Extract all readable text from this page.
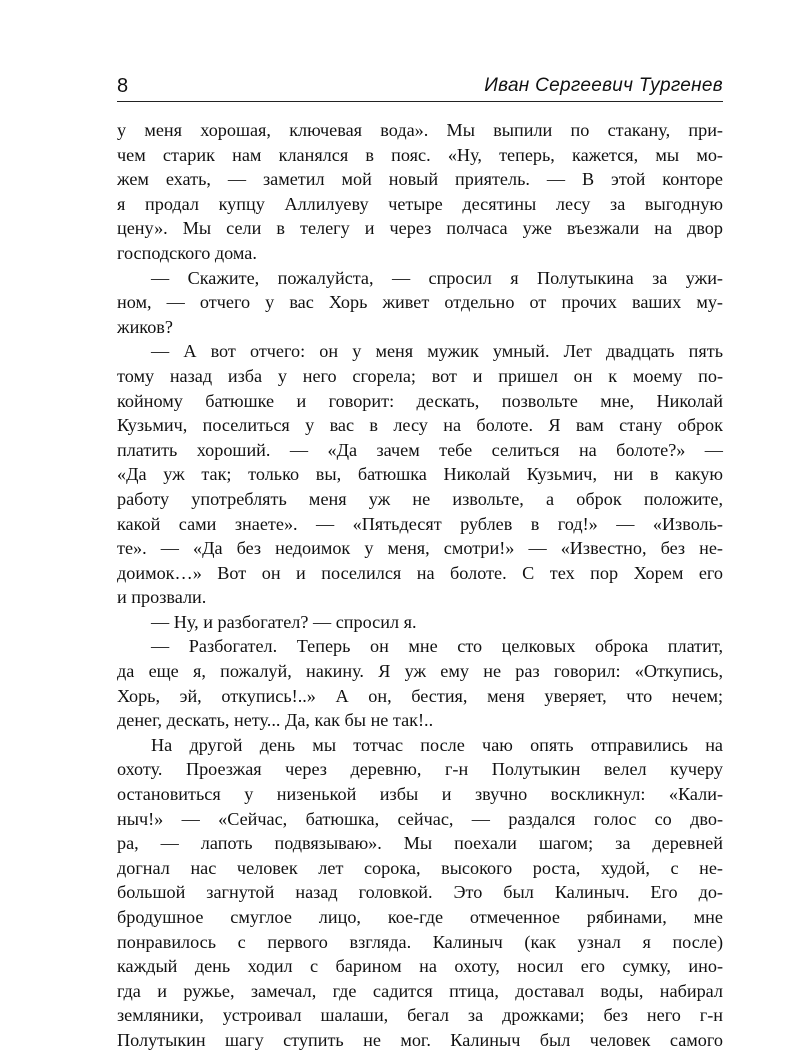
8	Иван Сергеевич Тургенев
у меня хорошая, ключевая вода». Мы выпили по стакану, при-
чем старик нам кланялся в пояс. «Ну, теперь, кажется, мы мо-
жем ехать, — заметил мой новый приятель. — В этой конторе
я продал купцу Аллилуеву четыре десятины лесу за выгодную
цену». Мы сели в телегу и через полчаса уже въезжали на двор
господского дома.
— Скажите, пожалуйста, — спросил я Полутыкина за ужи-
ном, — отчего у вас Хорь живет отдельно от прочих ваших му-
жиков?
— А вот отчего: он у меня мужик умный. Лет двадцать пять
тому назад изба у него сгорела; вот и пришел он к моему по-
койному батюшке и говорит: дескать, позвольте мне, Николай
Кузьмич, поселиться у вас в лесу на болоте. Я вам стану оброк
платить хороший. — «Да зачем тебе селиться на болоте?» —
«Да уж так; только вы, батюшка Николай Кузьмич, ни в какую
работу употреблять меня уж не извольте, а оброк положите,
какой сами знаете». — «Пятьдесят рублев в год!» — «Изволь-
те». — «Да без недоимок у меня, смотри!» — «Известно, без не-
доимок…» Вот он и поселился на болоте. С тех пор Хорем его
и прозвали.
— Ну, и разбогател? — спросил я.
— Разбогател. Теперь он мне сто целковых оброка платит,
да еще я, пожалуй, накину. Я уж ему не раз говорил: «Откупись,
Хорь, эй, откупись!..» А он, бестия, меня уверяет, что нечем;
денег, дескать, нету... Да, как бы не так!..
На другой день мы тотчас после чаю опять отправились на
охоту. Проезжая через деревню, г-н Полутыкин велел кучеру
остановиться у низенькой избы и звучно воскликнул: «Кали-
ныч!» — «Сейчас, батюшка, сейчас, — раздался голос со дво-
ра, — лапоть подвязываю». Мы поехали шагом; за деревней
догнал нас человек лет сорока, высокого роста, худой, с не-
большой загнутой назад головкой. Это был Калиныч. Его до-
бродушное смуглое лицо, кое-где отмеченное рябинами, мне
понравилось с первого взгляда. Калиныч (как узнал я после)
каждый день ходил с барином на охоту, носил его сумку, ино-
гда и ружье, замечал, где садится птица, доставал воды, набирал
земляники, устроивал шалаши, бегал за дрожками; без него г-н
Полутыкин шагу ступить не мог. Калиныч был человек самого
